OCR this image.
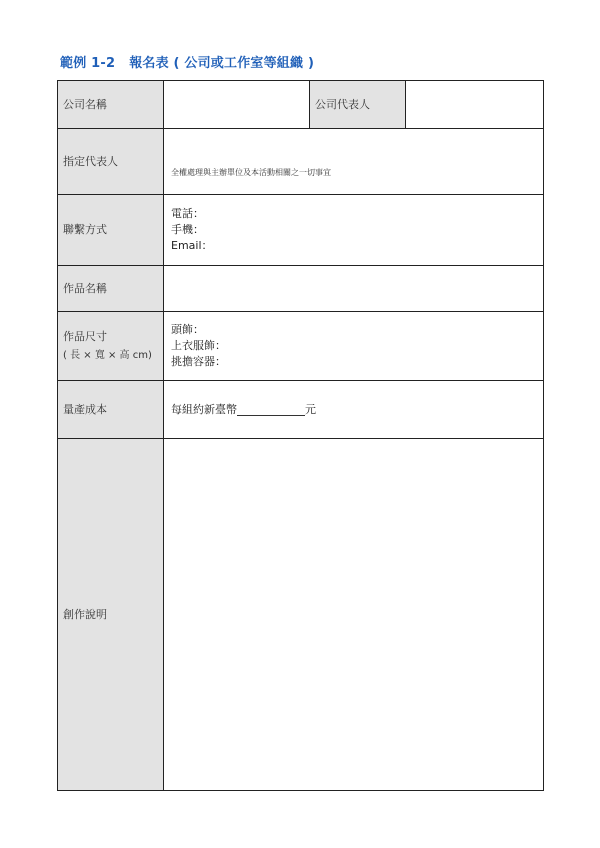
範例 1-2 報名表 ( 公司或工作室等組織 )
公司名稱		公司代表人	
指定代表人	全權處理與主辦單位及本活動相關之一切事宜		

聯繫方式	電話：
手機：
Email：		

作品名稱			
作品尺寸
( 長 × 寬 × 高 cm)	頭飾：
上衣服飾：
挑擔容器：		

量產成本	每組約新臺幣 元		
創作說明			
